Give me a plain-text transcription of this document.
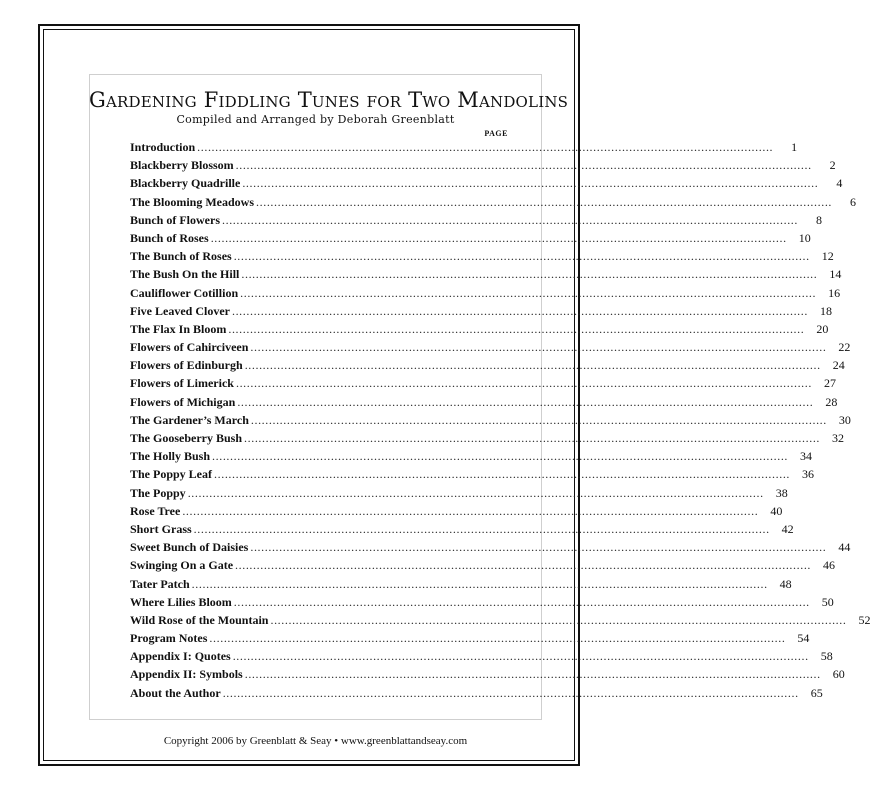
Gardening Fiddling Tunes for Two Mandolins
Compiled and Arranged by Deborah Greenblatt
PAGE
Introduction ................................................................................................................................................................	1
Blackberry Blossom ................................................................................................................................................................	2
Blackberry Quadrille ................................................................................................................................................................	4
The Blooming Meadows ................................................................................................................................................................	6
Bunch of Flowers ................................................................................................................................................................	8
Bunch of Roses ................................................................................................................................................................	10
The Bunch of Roses ................................................................................................................................................................	12
The Bush On the Hill ................................................................................................................................................................	14
Cauliflower Cotillion ................................................................................................................................................................	16
Five Leaved Clover ................................................................................................................................................................	18
The Flax In Bloom ................................................................................................................................................................	20
Flowers of Cahirciveen ................................................................................................................................................................	22
Flowers of Edinburgh ................................................................................................................................................................	24
Flowers of Limerick ................................................................................................................................................................	27
Flowers of Michigan ................................................................................................................................................................	28
The Gardener’s March ................................................................................................................................................................	30
The Gooseberry Bush ................................................................................................................................................................	32
The Holly Bush ................................................................................................................................................................	34
The Poppy Leaf ................................................................................................................................................................	36
The Poppy ................................................................................................................................................................	38
Rose Tree ................................................................................................................................................................	40
Short Grass ................................................................................................................................................................	42
Sweet Bunch of Daisies ................................................................................................................................................................	44
Swinging On a Gate ................................................................................................................................................................	46
Tater Patch ................................................................................................................................................................	48
Where Lilies Bloom ................................................................................................................................................................	50
Wild Rose of the Mountain ................................................................................................................................................................	52
Program Notes ................................................................................................................................................................	54
Appendix I: Quotes ................................................................................................................................................................	58
Appendix II: Symbols ................................................................................................................................................................	60
About the Author ................................................................................................................................................................	65
Copyright 2006 by Greenblatt & Seay • www.greenblattandseay.com
